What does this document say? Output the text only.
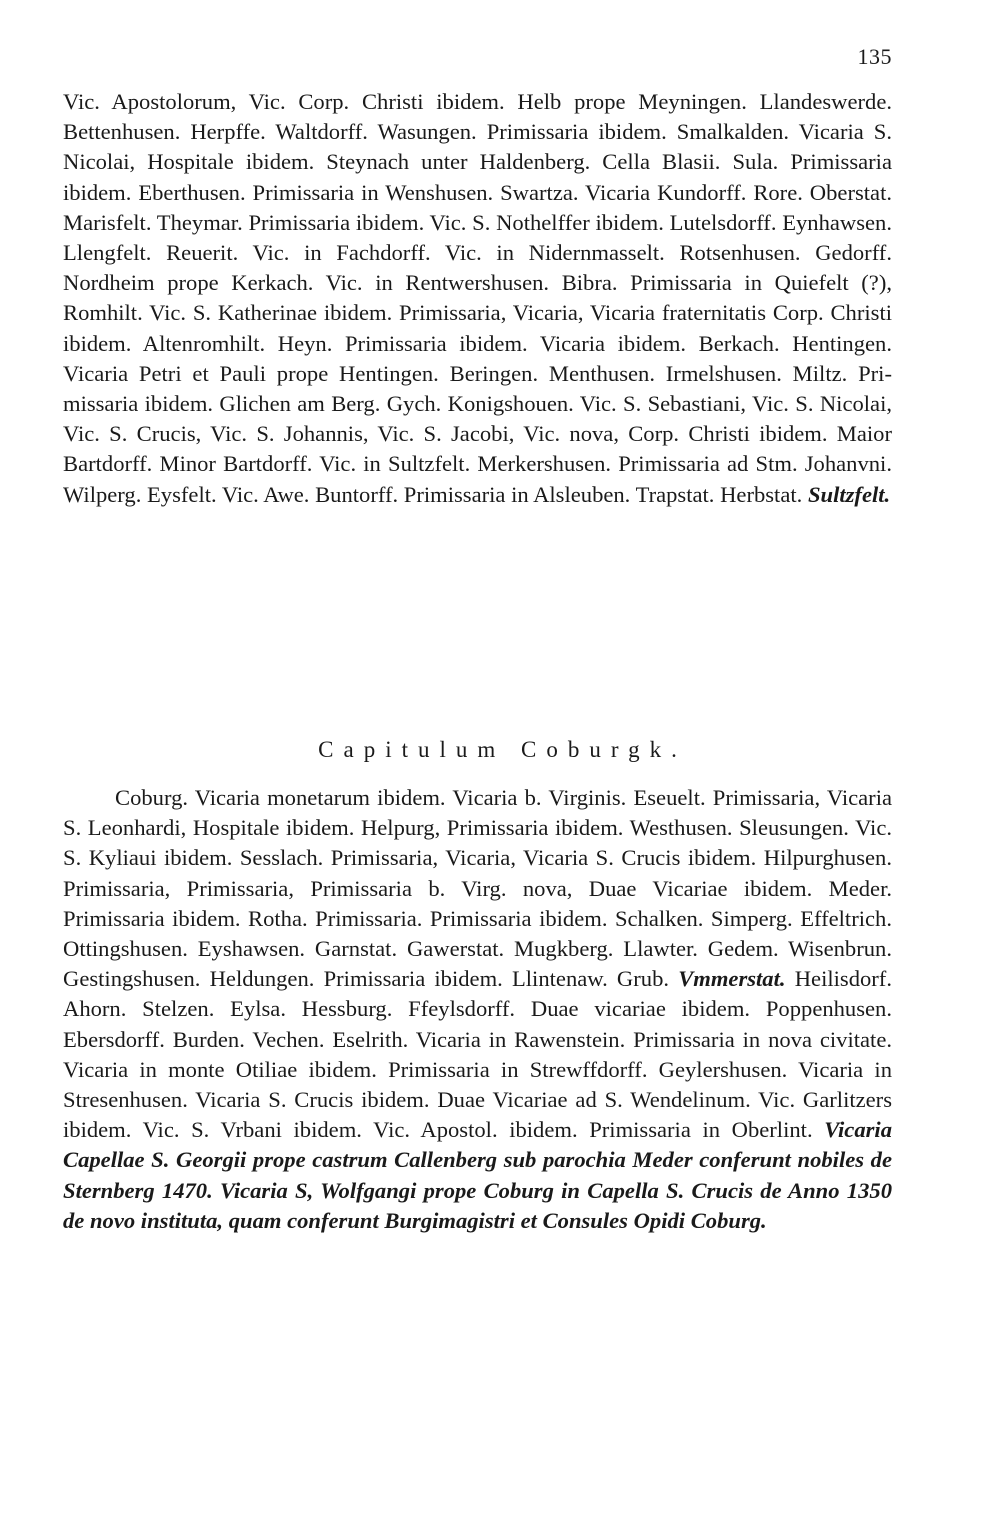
135
Vic. Apostolorum, Vic. Corp. Christi ibidem. Helb prope Meyningen. Llandeswerde. Bettenhusen. Herpffe. Waltdorff. Wasungen. Primissaria ibidem. Smalkalden. Vicaria S. Nicolai, Hospitale ibidem. Steynach unter Haldenberg. Cella Blasii. Sula. Primissaria ibidem. Eberthusen. Primissaria in Wenshusen. Swartza. Vicaria Kundorff. Rore. Oberstat. Marisfelt. Theymar. Primissaria ibidem. Vic. S. Nothelffer ibidem. Lutelsdorff. Eynhawsen. Llengfelt. Reuerit. Vic. in Fachdorff. Vic. in Nidernmasselt. Rotsenhusen. Gedorff. Nordheim prope Kerkach. Vic. in Rentwershusen. Bibra. Primissaria in Quiefelt (?), Romhilt. Vic. S. Katherinae ibidem. Primissaria, Vicaria, Vicaria fraternitatis Corp. Christi ibidem. Altenromhilt. Heyn. Primissaria ibidem. Vicaria ibidem. Berkach. Hentingen. Vicaria Petri et Pauli prope Hentingen. Beringen. Menthusen. Irmelshusen. Miltz. Primissaria ibidem. Glichen am Berg. Gych. Konigshouen. Vic. S. Sebastiani, Vic. S. Nicolai, Vic. S. Crucis, Vic. S. Johannis, Vic. S. Jacobi, Vic. nova, Corp. Christi ibidem. Maior Bartdorff. Minor Bartdorff. Vic. in Sultzfelt. Merkershusen. Primissaria ad Stm. Johanvni. Wilperg. Eysfelt. Vic. Awe. Buntorff. Primissaria in Alsleuben. Trapstat. Herbstat. Sultzfelt.
Capitulum Coburgk.
Coburg. Vicaria monetarum ibidem. Vicaria b. Virginis. Eseuelt. Primissaria, Vicaria S. Leonhardi, Hospitale ibidem. Helpurg, Primissaria ibidem. Westhusen. Sleusungen. Vic. S. Kyliaui ibidem. Sesslach. Primissaria, Vicaria, Vicaria S. Crucis ibidem. Hilpurghusen. Primissaria, Primissaria, Primissaria b. Virg. nova, Duae Vicariae ibidem. Meder. Primissaria ibidem. Rotha. Primissaria. Primissaria ibidem. Schalken. Simperg. Effeltrich. Ottingshusen. Eyshawsen. Garnstat. Gawerstat. Mugkberg. Llawter. Gedem. Wisenbrun. Gestingshusen. Heldungen. Primissaria ibidem. Llintenaw. Grub. Vmmerstat. Heilisdorf. Ahorn. Stelzen. Eylsa. Hessburg. Ffeylsdorff. Duae vicariae ibidem. Poppenhusen. Ebersdorff. Burden. Vechen. Eselrith. Vicaria in Rawenstein. Primissaria in nova civitate. Vicaria in monte Otiliae ibidem. Primissaria in Strewffdorff. Geylershusen. Vicaria in Stresenhusen. Vicaria S. Crucis ibidem. Duae Vicariae ad S. Wendelinum. Vic. Garlitzers ibidem. Vic. S. Vrbani ibidem. Vic. Apostol. ibidem. Primissaria in Oberlint. Vicaria Capellae S. Georgii prope castrum Callenberg sub parochia Meder conferunt nobiles de Sternberg 1470. Vicaria S, Wolfgangi prope Coburg in Capella S. Crucis de Anno 1350 de novo instituta, quam conferunt Burgimagistri et Consules Opidi Coburg.
